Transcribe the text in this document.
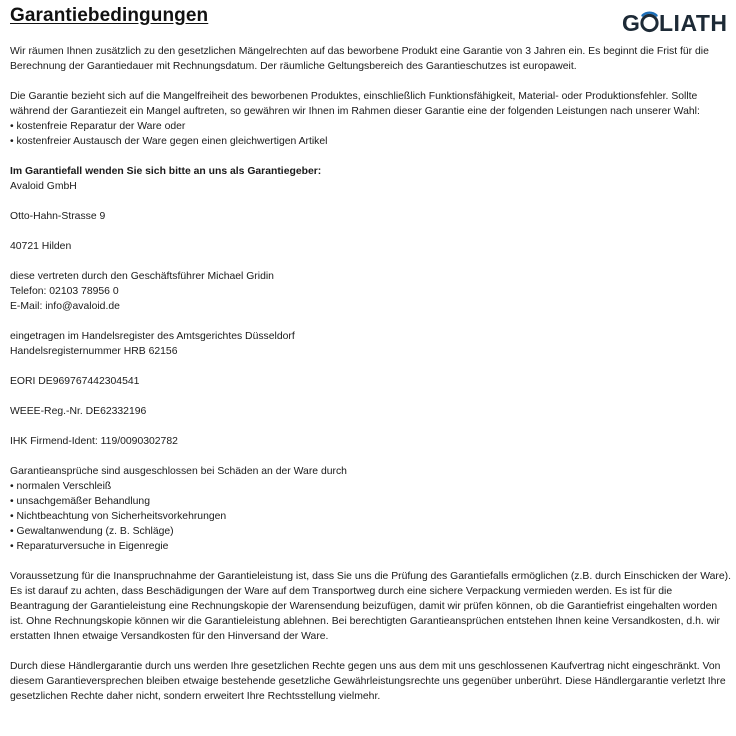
Garantiebedingungen	G LIATH

Wir räumen Ihnen zusätzlich zu den gesetzlichen Mängelrechten auf das beworbene Produkt eine Garantie von 3 Jahren ein. Es beginnt die Frist für die Berechnung der Garantiedauer mit Rechnungsdatum. Der räumliche Geltungsbereich des Garantieschutzes ist europaweit.

Die Garantie bezieht sich auf die Mangelfreiheit des beworbenen Produktes, einschließlich Funktionsfähigkeit, Material- oder Produktionsfehler. Sollte während der Garantiezeit ein Mangel auftreten, so gewähren wir Ihnen im Rahmen dieser Garantie eine der folgenden Leistungen nach unserer Wahl:

• kostenfreie Reparatur der Ware oder
• kostenfreier Austausch der Ware gegen einen gleichwertigen Artikel

Im Garantiefall wenden Sie sich bitte an uns als Garantiegeber:

Avaloid GmbH

Otto-Hahn-Strasse 9

40721 Hilden

diese vertreten durch den Geschäftsführer Michael Gridin

Telefon: 02103 78956 0

E-Mail: info@avaloid.de

eingetragen im Handelsregister des Amtsgerichtes Düsseldorf

Handelsregisternummer HRB 62156

EORI DE969767442304541

WEEE-Reg.-Nr. DE62332196

IHK Firmend-Ident: 119/0090302782

Garantieansprüche sind ausgeschlossen bei Schäden an der Ware durch

• normalen Verschleiß
• unsachgemäßer Behandlung
• Nichtbeachtung von Sicherheitsvorkehrungen
• Gewaltanwendung (z. B. Schläge)
• Reparaturversuche in Eigenregie

Voraussetzung für die Inanspruchnahme der Garantieleistung ist, dass Sie uns die Prüfung des Garantiefalls ermöglichen (z.B. durch Einschicken der Ware). Es ist darauf zu achten, dass Beschädigungen der Ware auf dem Transportweg durch eine sichere Verpackung vermieden werden. Es ist für die Beantragung der Garantieleistung eine Rechnungskopie der Warensendung beizufügen, damit wir prüfen können, ob die Garantiefrist eingehalten worden ist. Ohne Rechnungskopie können wir die Garantieleistung ablehnen. Bei berechtigten Garantieansprüchen entstehen Ihnen keine Versandkosten, d.h. wir erstatten Ihnen etwaige Versandkosten für den Hinversand der Ware.

Durch diese Händlergarantie durch uns werden Ihre gesetzlichen Rechte gegen uns aus dem mit uns geschlossenen Kaufvertrag nicht eingeschränkt. Von diesem Garantieversprechen bleiben etwaige bestehende gesetzliche Gewährleistungsrechte uns gegenüber unberührt. Diese Händlergarantie verletzt Ihre gesetzlichen Rechte daher nicht, sondern erweitert Ihre Rechtsstellung vielmehr.
